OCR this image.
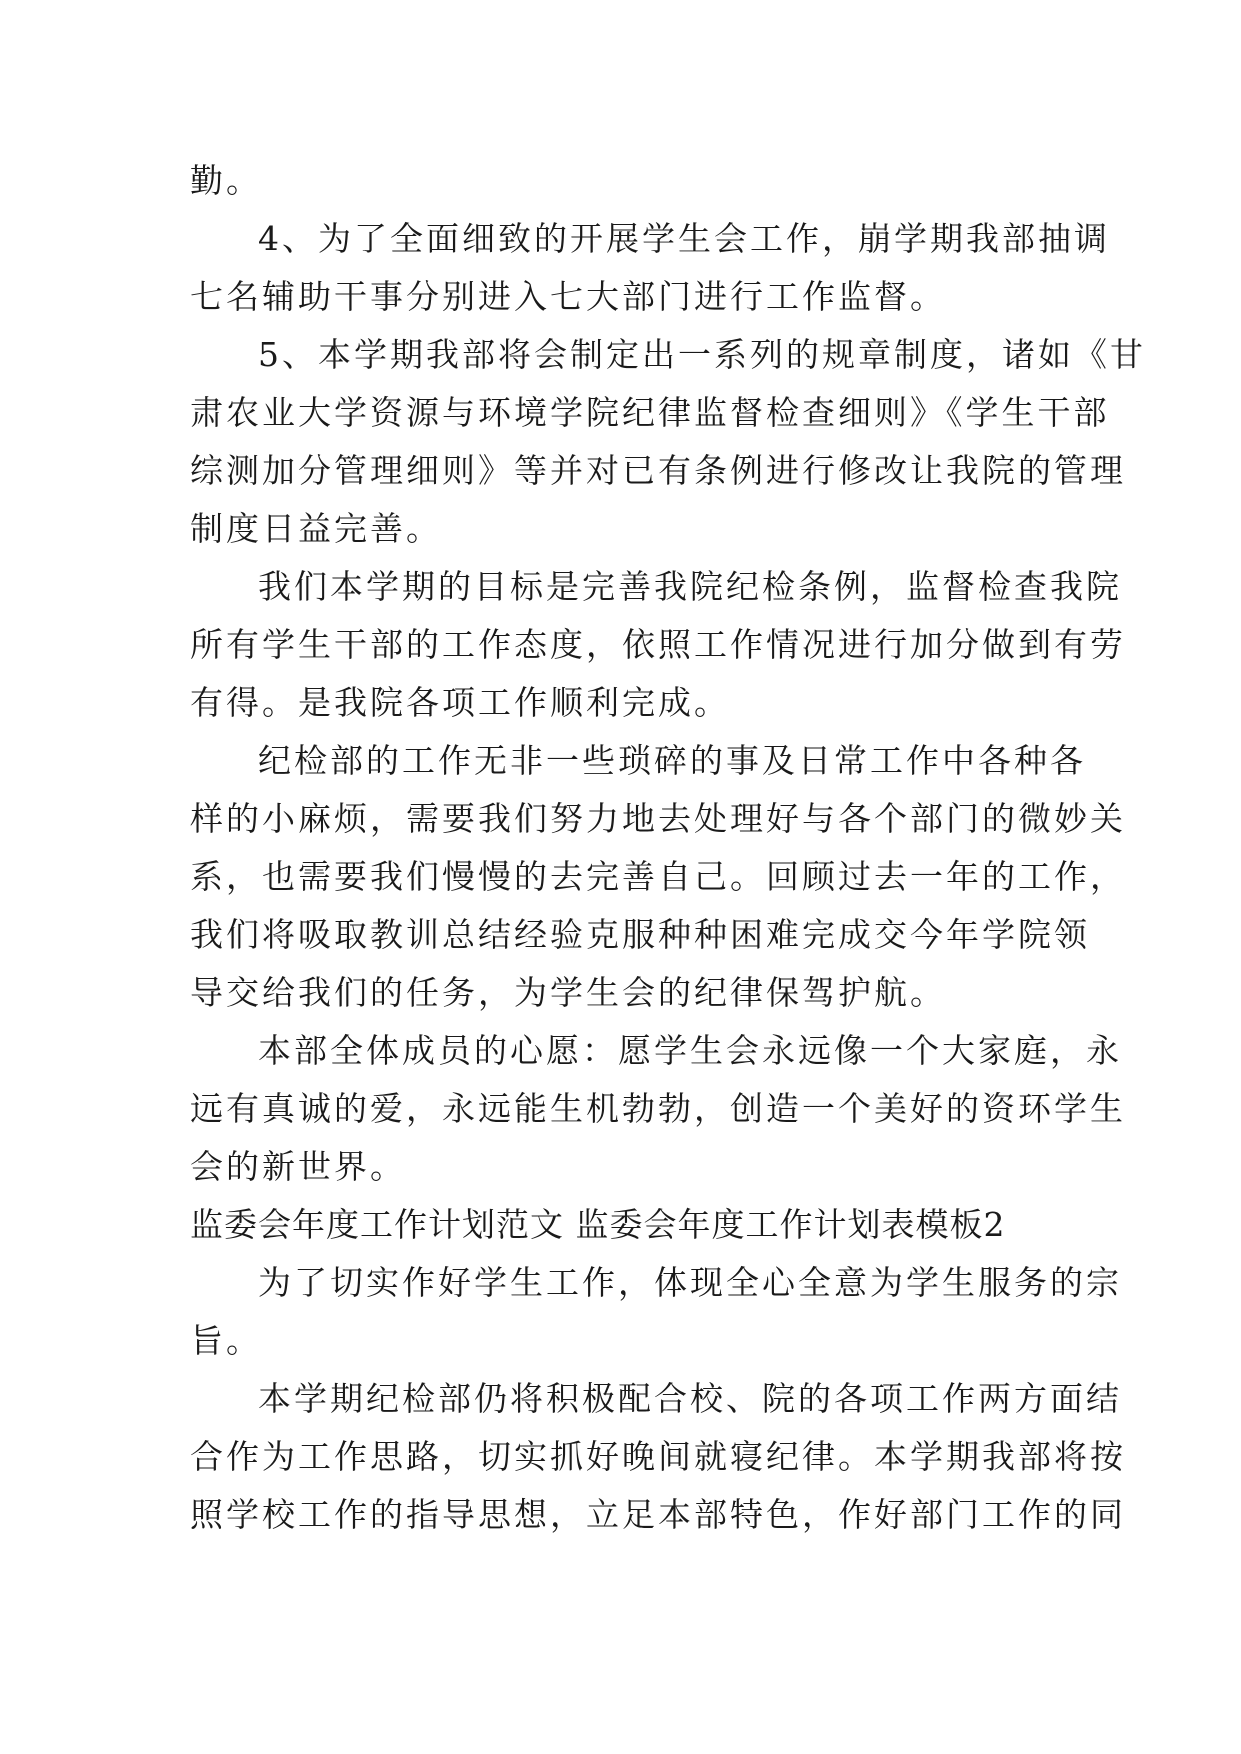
勤。
4、为了全面细致的开展学生会工作，崩学期我部抽调
七名辅助干事分别进入七大部门进行工作监督。
5、本学期我部将会制定出一系列的规章制度，诸如《甘
肃农业大学资源与环境学院纪律监督检查细则》《学生干部
综测加分管理细则》等并对已有条例进行修改让我院的管理
制度日益完善。
我们本学期的目标是完善我院纪检条例，监督检查我院
所有学生干部的工作态度，依照工作情况进行加分做到有劳
有得。是我院各项工作顺利完成。
纪检部的工作无非一些琐碎的事及日常工作中各种各
样的小麻烦，需要我们努力地去处理好与各个部门的微妙关
系，也需要我们慢慢的去完善自己。回顾过去一年的工作，
我们将吸取教训总结经验克服种种困难完成交今年学院领
导交给我们的任务，为学生会的纪律保驾护航。
本部全体成员的心愿：愿学生会永远像一个大家庭，永
远有真诚的爱，永远能生机勃勃，创造一个美好的资环学生
会的新世界。
监委会年度工作计划范文 监委会年度工作计划表模板2
为了切实作好学生工作，体现全心全意为学生服务的宗
旨。
本学期纪检部仍将积极配合校、院的各项工作两方面结
合作为工作思路，切实抓好晚间就寝纪律。本学期我部将按
照学校工作的指导思想，立足本部特色，作好部门工作的同
